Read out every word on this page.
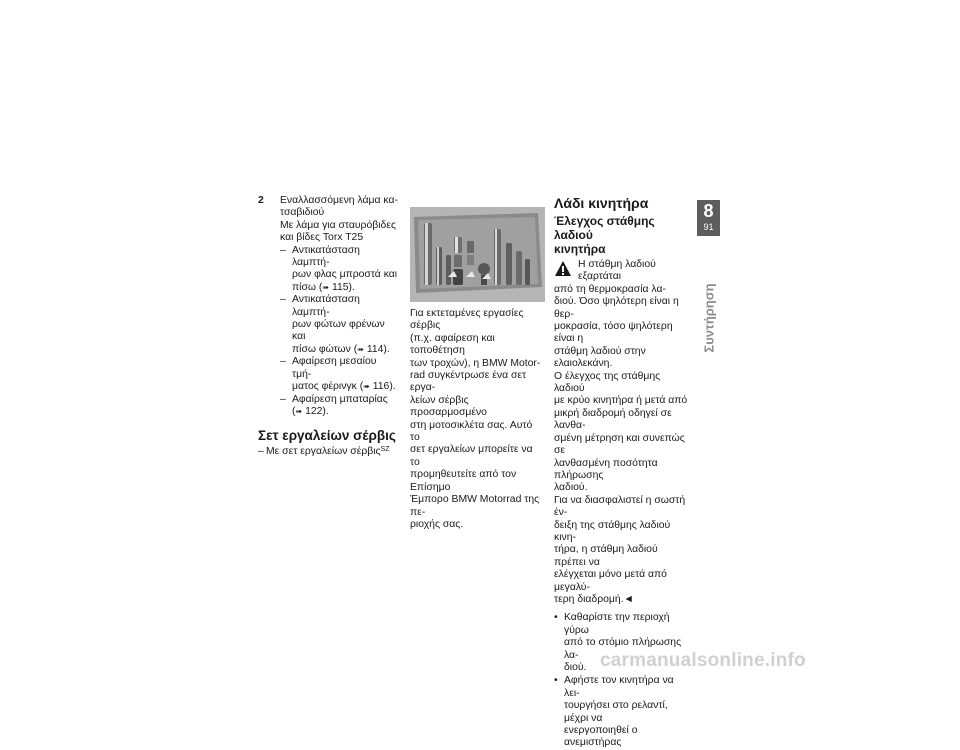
2 Εναλλασσόμενη λάμα κα-
τσαβιδιού
Με λάμα για σταυρόβιδες
και βίδες Torx T25
– Αντικατάσταση λαμπτή-
ρων φλας μπροστά και
πίσω (➠ 115).
– Αντικατάσταση λαμπτή-
ρων φώτων φρένων και
πίσω φώτων (➠ 114).
– Αφαίρεση μεσαίου τμή-
ματος φέρινγκ (➠ 116).
– Αφαίρεση μπαταρίας
(➠ 122).
Σετ εργαλείων σέρβις
– Με σετ εργαλείων σέρβις$^{SZ}$

Για εκτεταμένες εργασίες σέρβις
(π.χ. αφαίρεση και τοποθέτηση
των τροχών), η BMW Motor-
rad συγκέντρωσε ένα σετ εργα-
λείων σέρβις προσαρμοσμένο
στη μοτοσικλέτα σας. Αυτό το
σετ εργαλείων μπορείτε να το
προμηθευτείτε από τον Επίσημο
Έμπορο BMW Motorrad της πε-
ριοχής σας.

Λάδι κινητήρα
Έλεγχος στάθμης λαδιού
κινητήρα
Η στάθμη λαδιού εξαρτάται
από τη θερμοκρασία λα-
διού. Όσο ψηλότερη είναι η θερ-
μοκρασία, τόσο ψηλότερη είναι η
στάθμη λαδιού στην ελαιολεκάνη.
Ο έλεγχος της στάθμης λαδιού
με κρύο κινητήρα ή μετά από
μικρή διαδρομή οδηγεί σε λανθα-
σμένη μέτρηση και συνεπώς σε
λανθασμένη ποσότητα πλήρωσης
λαδιού.
Για να διασφαλιστεί η σωστή έν-
δειξη της στάθμης λαδιού κινη-
τήρα, η στάθμη λαδιού πρέπει να
ελέγχεται μόνο μετά από μεγαλύ-
τερη διαδρομή.◄
• Καθαρίστε την περιοχή γύρω
από το στόμιο πλήρωσης λα-
διού.
• Αφήστε τον κινητήρα να λει-
τουργήσει στο ρελαντί, μέχρι να
ενεργοποιηθεί ο ανεμιστήρας
8
91
Συντήρηση
carmanualsonline.info
